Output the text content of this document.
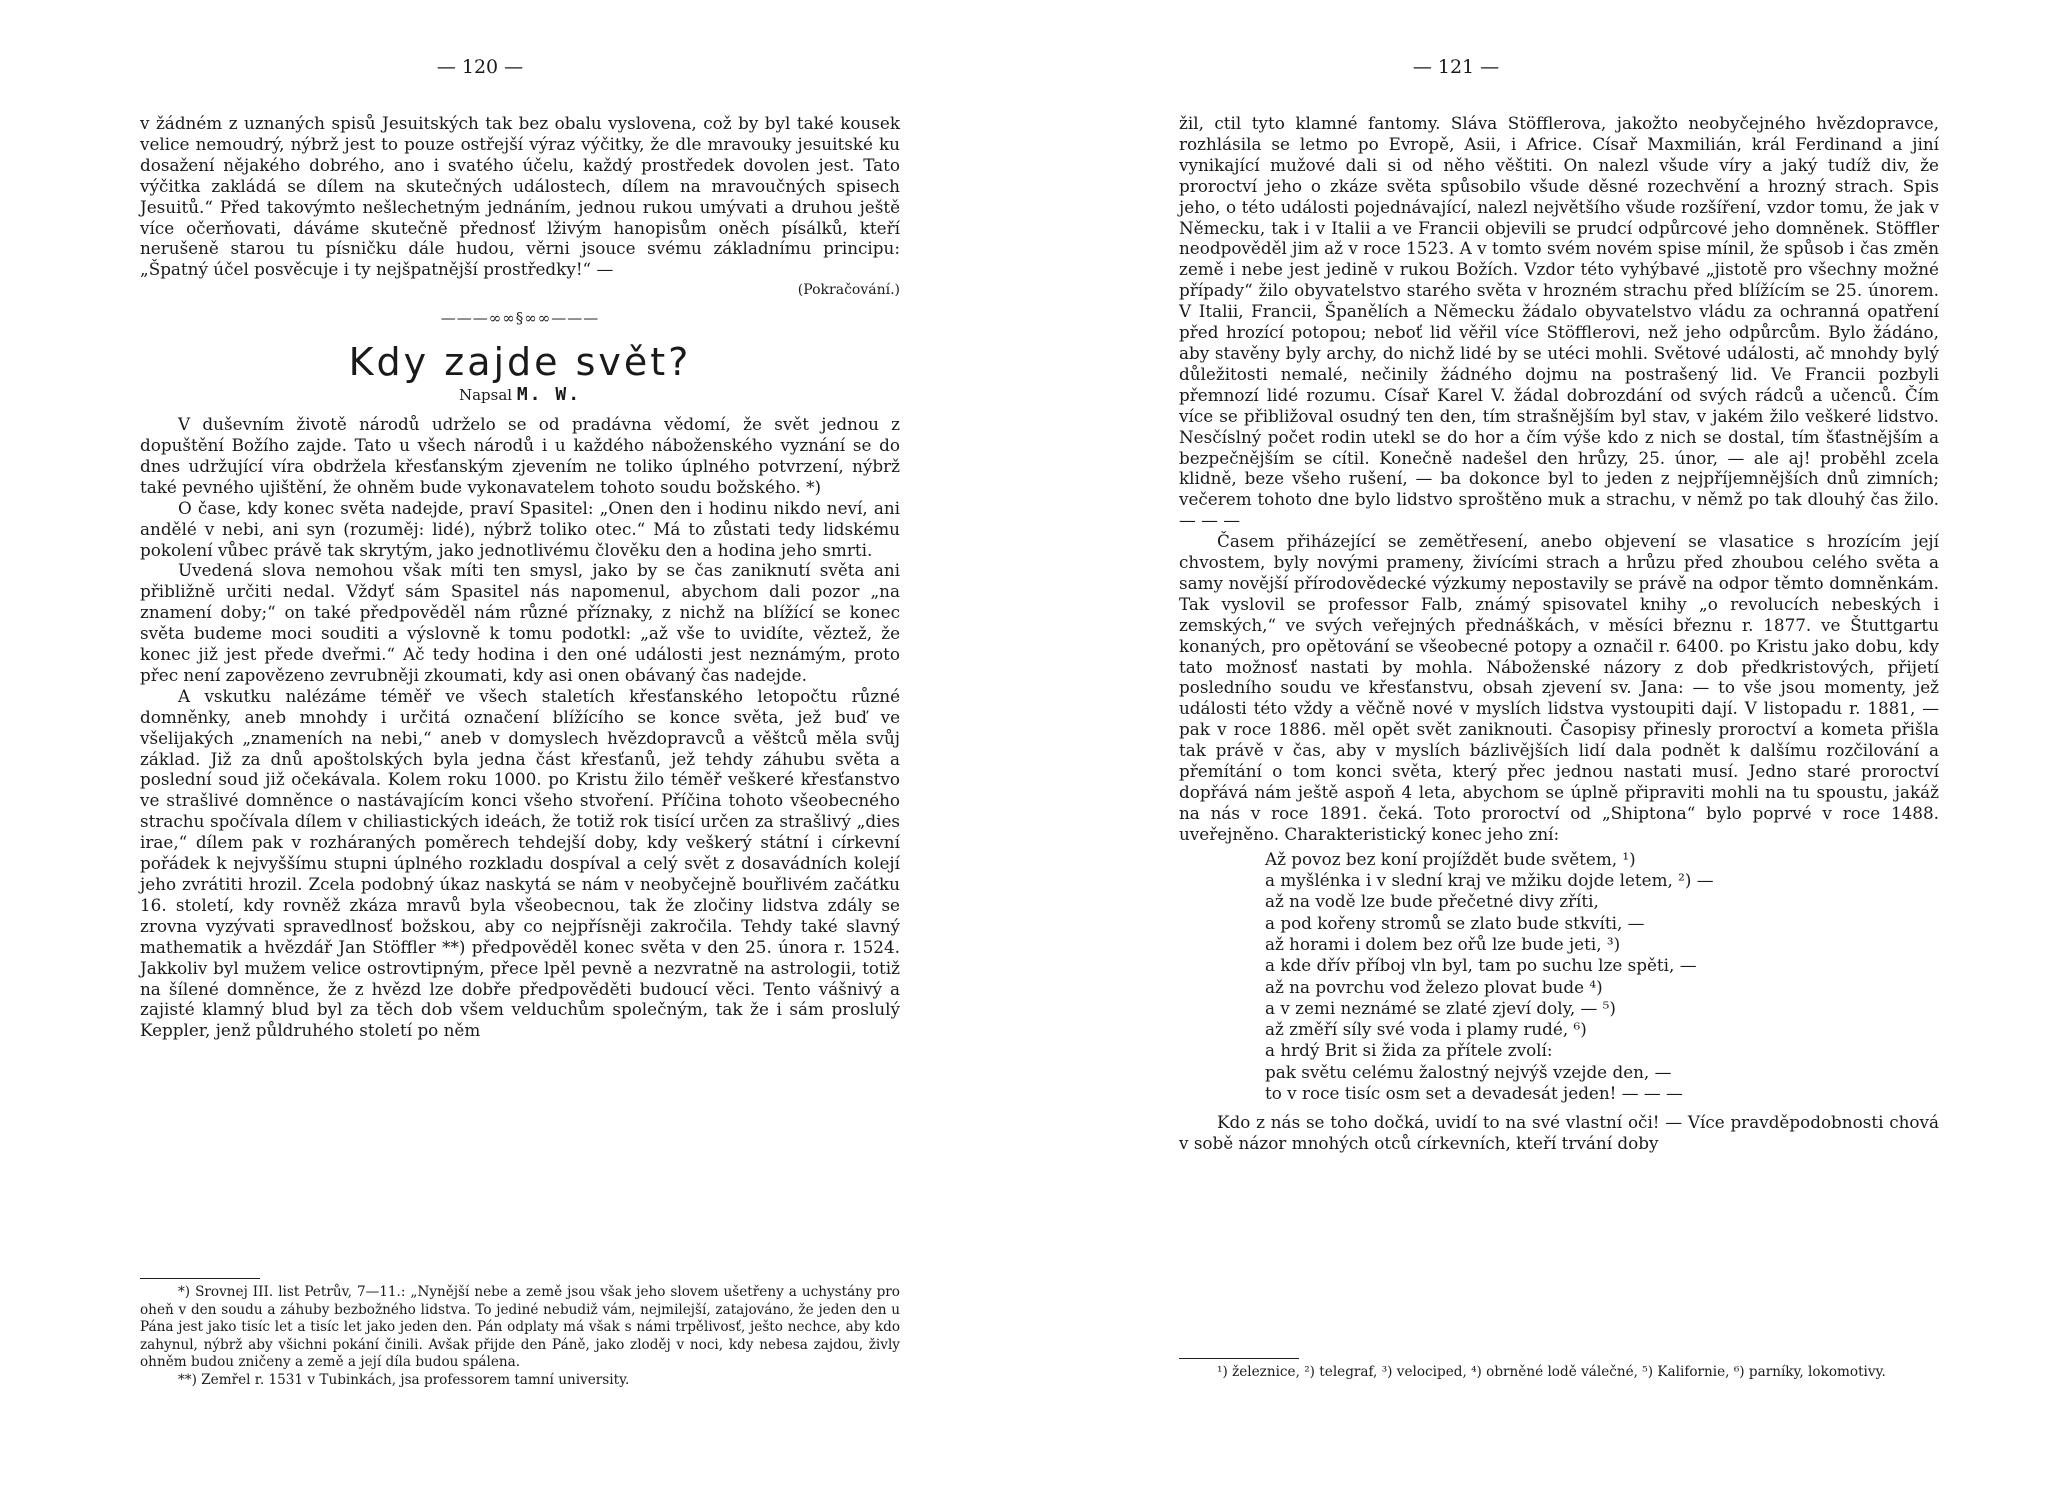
— 120 —

v žádném z uznaných spisů Jesuitských tak bez obalu vyslovena, což by byl také kousek velice nemoudrý, nýbrž jest to pouze ostřejší výraz výčitky, že dle mravouky jesuitské ku dosažení nějakého dobrého, ano i svatého účelu, každý prostředek dovolen jest. Tato výčitka zakládá se dílem na skutečných událostech, dílem na mravoučných spisech Jesuitů.“ Před takovýmto nešlechetným jednáním, jednou rukou umývati a druhou ještě více očerňovati, dáváme skutečně přednosť lživým hanopisům oněch písálků, kteří nerušeně starou tu písničku dále hudou, věrni jsouce svému základnímu principu: „Špatný účel posvěcuje i ty nejšpatnější prostředky!“ —

(Pokračování.)
———∞∞§∞∞———
Kdy zajde svět?

Napsal M. W.

V duševním životě národů udrželo se od pradávna vědomí, že svět jednou z dopuštění Božího zajde. Tato u všech národů i u každého náboženského vyznání se do dnes udržující víra obdržela křesťanským zjevením ne toliko úplného potvrzení, nýbrž také pevného ujištění, že ohněm bude vykonavatelem tohoto soudu božského. *)

O čase, kdy konec světa nadejde, praví Spasitel: „Onen den i hodinu nikdo neví, ani andělé v nebi, ani syn (rozuměj: lidé), nýbrž toliko otec.“ Má to zůstati tedy lidskému pokolení vůbec právě tak skrytým, jako jednotlivému člověku den a hodina jeho smrti.

Uvedená slova nemohou však míti ten smysl, jako by se čas zaniknutí světa ani přibližně určiti nedal. Vždyť sám Spasitel nás napomenul, abychom dali pozor „na znamení doby;“ on také předpověděl nám různé příznaky, z nichž na blížící se konec světa budeme moci souditi a výslovně k tomu podotkl: „až vše to uvidíte, věztež, že konec již jest přede dveřmi.“ Ač tedy hodina i den oné události jest neznámým, proto přec není zapovězeno zevrubněji zkoumati, kdy asi onen obávaný čas nadejde.

A vskutku nalézáme téměř ve všech staletích křesťanského letopočtu různé domněnky, aneb mnohdy i určitá označení blížícího se konce světa, jež buď ve všelijakých „znameních na nebi,“ aneb v domyslech hvězdopravců a věštců měla svůj základ. Již za dnů apoštolských byla jedna část křesťanů, jež tehdy záhubu světa a poslední soud již očekávala. Kolem roku 1000. po Kristu žilo téměř veškeré křesťanstvo ve strašlivé domněnce o nastávajícím konci všeho stvoření. Příčina tohoto všeobecného strachu spočívala dílem v chiliastických ideách, že totiž rok tisící určen za strašlivý „dies irae,“ dílem pak v rozháraných poměrech tehdejší doby, kdy veškerý státní i církevní pořádek k nejvyššímu stupni úplného rozkladu dospíval a celý svět z dosavádních kolejí jeho zvrátiti hrozil. Zcela podobný úkaz naskytá se nám v neobyčejně bouřlivém začátku 16. století, kdy rovněž zkáza mravů byla všeobecnou, tak že zločiny lidstva zdály se zrovna vyzývati spravedlnosť božskou, aby co nejpřísněji zakročila. Tehdy také slavný mathematik a hvězdář Jan Stöffler **) předpověděl konec světa v den 25. února r. 1524. Jakkoliv byl mužem velice ostrovtipným, přece lpěl pevně a nezvratně na astrologii, totiž na šílené domněnce, že z hvězd lze dobře předpověděti budoucí věci. Tento vášnivý a zajisté klamný blud byl za těch dob všem velduchům společným, tak že i sám proslulý Keppler, jenž půldruhého století po něm

*) Srovnej III. list Petrův, 7—11.: „Nynější nebe a země jsou však jeho slovem ušetřeny a uchystány pro oheň v den soudu a záhuby bezbožného lidstva. To jediné nebudiž vám, nejmilejší, zatajováno, že jeden den u Pána jest jako tisíc let a tisíc let jako jeden den. Pán odplaty má však s námi trpělivosť, ješto nechce, aby kdo zahynul, nýbrž aby všichni pokání činili. Avšak přijde den Páně, jako zloděj v noci, kdy nebesa zajdou, živly ohněm budou zničeny a země a její díla budou spálena.

**) Zemřel r. 1531 v Tubinkách, jsa professorem tamní university.

— 121 —

žil, ctil tyto klamné fantomy. Sláva Stöfflerova, jakožto neobyčejného hvězdopravce, rozhlásila se letmo po Evropě, Asii, i Africe. Císař Maxmilián, král Ferdinand a jiní vynikající mužové dali si od něho věštiti. On nalezl všude víry a jaký tudíž div, že proroctví jeho o zkáze světa spůsobilo všude děsné rozechvění a hrozný strach. Spis jeho, o této události pojednávající, nalezl největšího všude rozšíření, vzdor tomu, že jak v Německu, tak i v Italii a ve Francii objevili se prudcí odpůrcové jeho domněnek. Stöffler neodpověděl jim až v roce 1523. A v tomto svém novém spise mínil, že spůsob i čas změn země i nebe jest jedině v rukou Božích. Vzdor této vyhýbavé „jistotě pro všechny možné případy“ žilo obyvatelstvo starého světa v hrozném strachu před blížícím se 25. únorem. V Italii, Francii, Španělích a Německu žádalo obyvatelstvo vládu za ochranná opatření před hrozící potopou; neboť lid věřil více Stöfflerovi, než jeho odpůrcům. Bylo žádáno, aby stavěny byly archy, do nichž lidé by se utéci mohli. Světové události, ač mnohdy bylý důležitosti nemalé, nečinily žádného dojmu na postrašený lid. Ve Francii pozbyli přemnozí lidé rozumu. Císař Karel V. žádal dobrozdání od svých rádců a učenců. Čím více se přibližoval osudný ten den, tím strašnějším byl stav, v jakém žilo veškeré lidstvo. Nesčíslný počet rodin utekl se do hor a čím výše kdo z nich se dostal, tím šťastnějším a bezpečnějším se cítil. Konečně nadešel den hrůzy, 25. únor, — ale aj! proběhl zcela klidně, beze všeho rušení, — ba dokonce byl to jeden z nejpříjemnějších dnů zimních; večerem tohoto dne bylo lidstvo sproštěno muk a strachu, v němž po tak dlouhý čas žilo. — — —

Časem přiházející se zemětřesení, anebo objevení se vlasatice s hrozícím její chvostem, byly novými prameny, živícími strach a hrůzu před zhoubou celého světa a samy novější přírodovědecké výzkumy nepostavily se právě na odpor těmto domněnkám. Tak vyslovil se professor Falb, známý spisovatel knihy „o revolucích nebeských i zemských,“ ve svých veřejných přednáškách, v měsíci březnu r. 1877. ve Štuttgartu konaných, pro opětování se všeobecné potopy a označil r. 6400. po Kristu jako dobu, kdy tato možnosť nastati by mohla. Náboženské názory z dob předkristových, přijetí posledního soudu ve křesťanstvu, obsah zjevení sv. Jana: — to vše jsou momenty, jež události této vždy a věčně nové v myslích lidstva vystoupiti dají. V listopadu r. 1881, — pak v roce 1886. měl opět svět zaniknouti. Časopisy přinesly proroctví a kometa přišla tak právě v čas, aby v myslích bázlivějších lidí dala podnět k dalšímu rozčilování a přemítání o tom konci světa, který přec jednou nastati musí. Jedno staré proroctví dopřává nám ještě aspoň 4 leta, abychom se úplně připraviti mohli na tu spoustu, jakáž na nás v roce 1891. čeká. Toto proroctví od „Shiptona“ bylo poprvé v roce 1488. uveřejněno. Charakteristický konec jeho zní:

Až povoz bez koní projíždět bude světem, ¹)
a myšlénka i v slední kraj ve mžiku dojde letem, ²) —
až na vodě lze bude přečetné divy zříti,
a pod kořeny stromů se zlato bude stkvíti, —
až horami i dolem bez ořů lze bude jeti, ³)
a kde dřív příboj vln byl, tam po suchu lze spěti, —
až na povrchu vod železo plovat bude ⁴)
a v zemi neznámé se zlaté zjeví doly, — ⁵)
až změří síly své voda i plamy rudé, ⁶)
a hrdý Brit si žida za přítele zvolí:
pak světu celému žalostný nejvýš vzejde den, —
to v roce tisíc osm set a devadesát jeden! — — —

Kdo z nás se toho dočká, uvidí to na své vlastní oči! — Více pravděpodobnosti chová v sobě názor mnohých otců církevních, kteří trvání doby

¹) železnice, ²) telegraf, ³) velociped, ⁴) obrněné lodě válečné, ⁵) Kalifornie, ⁶) parníky, lokomotivy.
